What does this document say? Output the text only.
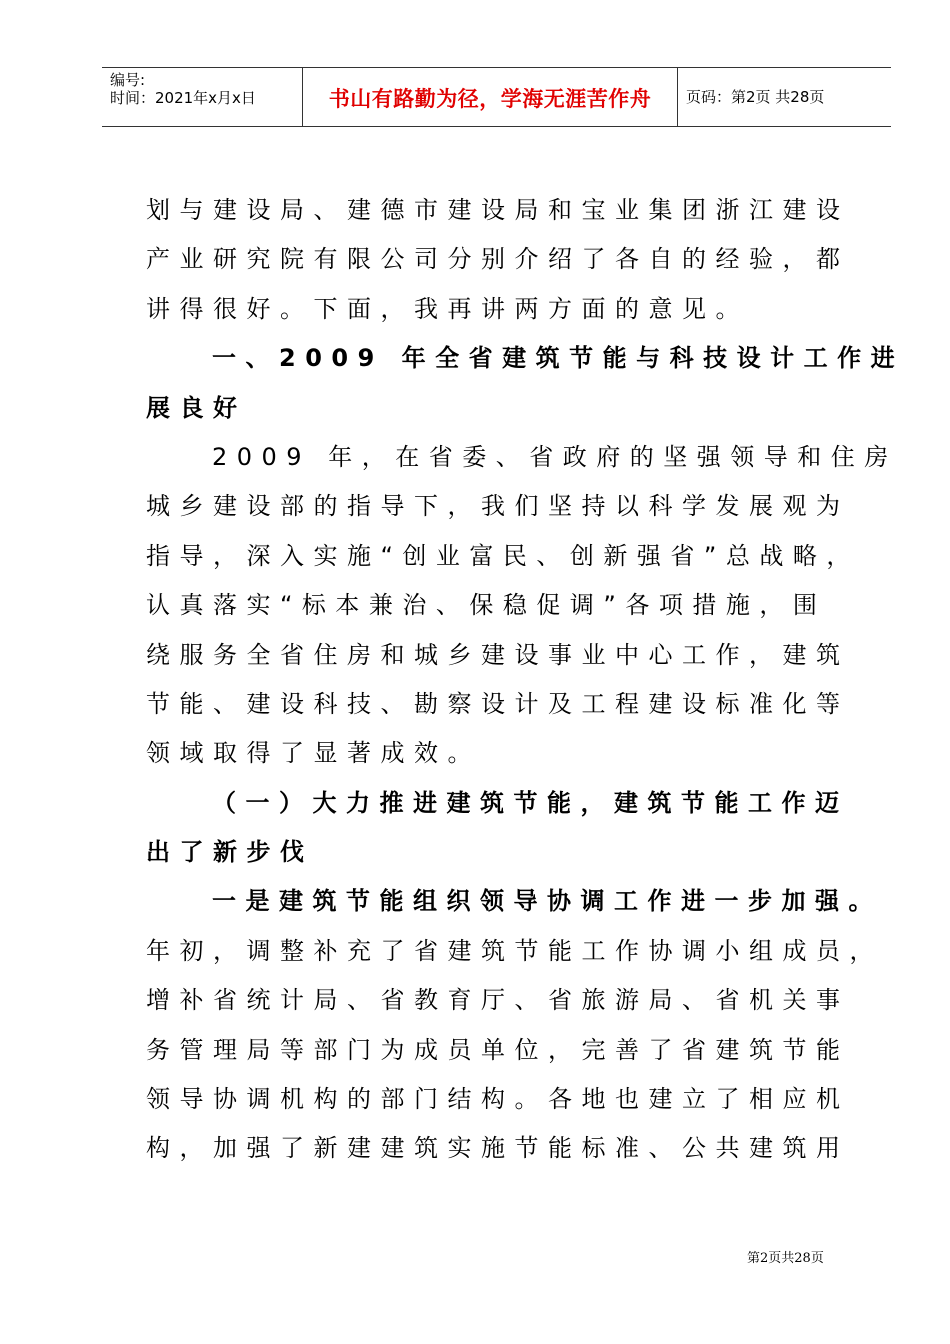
编号:
时间：2021年x月x日	书山有路勤为径，学海无涯苦作舟	页码：第2页 共28页
划与建设局、建德市建设局和宝业集团浙江建设
产业研究院有限公司分别介绍了各自的经验，都
讲得很好。下面，我再讲两方面的意见。
一、2009 年全省建筑节能与科技设计工作进
展良好
2009 年，在省委、省政府的坚强领导和住房
城乡建设部的指导下，我们坚持以科学发展观为
指导，深入实施“创业富民、创新强省”总战略，
认真落实“标本兼治、保稳促调”各项措施，围
绕服务全省住房和城乡建设事业中心工作，建筑
节能、建设科技、勘察设计及工程建设标准化等
领域取得了显著成效。
（一）大力推进建筑节能，建筑节能工作迈
出了新步伐
一是建筑节能组织领导协调工作进一步加强。
年初，调整补充了省建筑节能工作协调小组成员，
增补省统计局、省教育厅、省旅游局、省机关事
务管理局等部门为成员单位，完善了省建筑节能
领导协调机构的部门结构。各地也建立了相应机
构，加强了新建建筑实施节能标准、公共建筑用
第2页共28页
